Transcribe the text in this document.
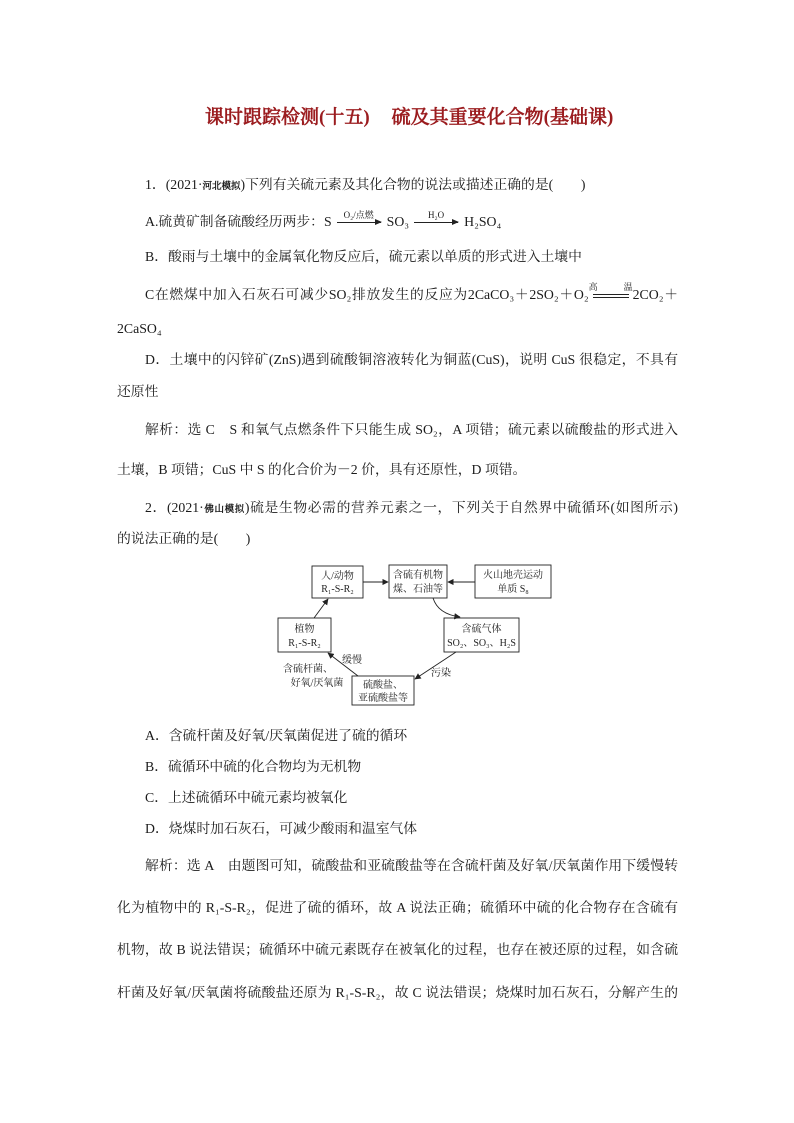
课时跟踪检测(十五) 硫及其重要化合物(基础课)
1．(2021·河北模拟)下列有关硫元素及其化合物的说法或描述正确的是(　　)
A.硫黄矿制备硫酸经历两步：S	O₂/点燃 SO₃	H₂O	H₂SO₄
B．酸雨与土壤中的金属氧化物反应后，硫元素以单质的形式进入土壤中
C在燃煤中加入石灰石可减少SO₂排放发生的反应为2CaCO₃＋2SO₂＋O₂
高温
2CO₂＋
2CaSO₄
D．土壤中的闪锌矿(ZnS)遇到硫酸铜溶液转化为铜蓝(CuS)，说明 CuS 很稳定，不具有
还原性
解析：选 C　S 和氧气点燃条件下只能生成 SO₂，A 项错；硫元素以硫酸盐的形式进入
土壤，B 项错；CuS 中 S 的化合价为－2 价，具有还原性，D 项错。
2．(2021·佛山模拟)硫是生物必需的营养元素之一，下列关于自然界中硫循环(如图所示)
的说法正确的是(　　)
人/动物
R₁-S-R₂
含硫有机物
煤、石油等
火山地壳运动
单质 S₈
植物
R₁-S-R₂
含硫气体
SO₂、SO₃、H₂S
硫酸盐、
亚硫酸盐等
缓慢
含硫杆菌、
好氧/厌氧菌
污染
A．含硫杆菌及好氧/厌氧菌促进了硫的循环
B．硫循环中硫的化合物均为无机物
C．上述硫循环中硫元素均被氧化
D．烧煤时加石灰石，可减少酸雨和温室气体
解析：选 A　由题图可知，硫酸盐和亚硫酸盐等在含硫杆菌及好氧/厌氧菌作用下缓慢转
化为植物中的 R₁-S-R₂，促进了硫的循环，故 A 说法正确；硫循环中硫的化合物存在含硫有
机物，故 B 说法错误；硫循环中硫元素既存在被氧化的过程，也存在被还原的过程，如含硫
杆菌及好氧/厌氧菌将硫酸盐还原为 R₁-S-R₂，故 C 说法错误；烧煤时加石灰石，分解产生的
